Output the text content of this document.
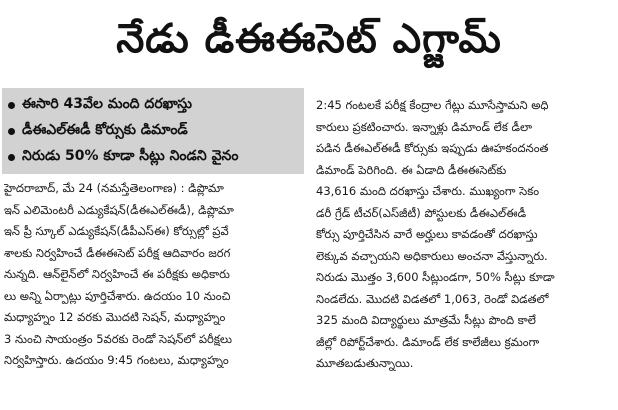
నేడు డీఈఈసెట్ ఎగ్జామ్
ఈసారి 43వేల మంది దరఖాస్తు
డీఈఎల్ఈడీ కోర్సుకు డిమాండ్
నిరుడు 50% కూడా సీట్లు నిండని వైనం
హైదరాబాద్, మే 24 (నమస్తేతెలంగాణ) : డిప్లొమా
ఇన్ ఎలిమెంటరీ ఎడ్యుకేషన్(డీఈఎల్ఈడీ), డిప్లొమా
ఇన్ ప్రీ స్కూల్ ఎడ్యుకేషన్(డీపీఎస్ఈ) కోర్సుల్లో ప్రవే
శాలకు నిర్వహించే డీఈఈసెట్ పరీక్ష ఆదివారం జరగ
నున్నది. ఆన్‌లైన్‌లో నిర్వహించే ఈ పరీక్షకు అధికారు
లు అన్ని ఏర్పాట్లు పూర్తిచేశారు. ఉదయం 10 నుంచి
మధ్యాహ్నం 12 వరకు మొదటి సెషన్, మధ్యాహ్నం
3 నుంచి సాయంత్రం 5వరకు రెండో సెషన్‌లో పరీక్షలు
నిర్వహిస్తారు. ఉదయం 9:45 గంటలు, మధ్యాహ్నం
2:45 గంటలకే పరీక్ష కేంద్రాల గేట్లు మూసేస్తామని అధి
కారులు ప్రకటించారు. ఇన్నాళ్లు డిమాండ్ లేక డీలా
పడిన డీఈఎల్ఈడీ కోర్సుకు ఇప్పుడు ఊహకందనంత
డిమాండ్ పెరిగింది. ఈ ఏడాది డీఈఈసెట్‌కు
43,616 మంది దరఖాస్తు చేశారు. ముఖ్యంగా సెకం
డరీ గ్రేడ్ టీచర్(ఎస్‌జీటీ) పోస్టులకు డీఈఎల్ఈడీ
కోర్సు పూర్తిచేసిన వారే అర్హులు కావడంతో దరఖాస్తు
లెక్కువ వచ్చాయని అధికారులు అంచనా వేస్తున్నారు.
నిరుడు మొత్తం 3,600 సీట్లుండగా, 50% సీట్లు కూడా
నిండలేదు. మొదటి విడతలో 1,063, రెండో విడతలో
325 మంది విద్యార్థులు మాత్రమే సీట్లు పొంది కాలే
జీల్లో రిపోర్ట్‌చేశారు. డిమాండ్ లేక కాలేజీలు క్రమంగా
మూతబడుతున్నాయి.
